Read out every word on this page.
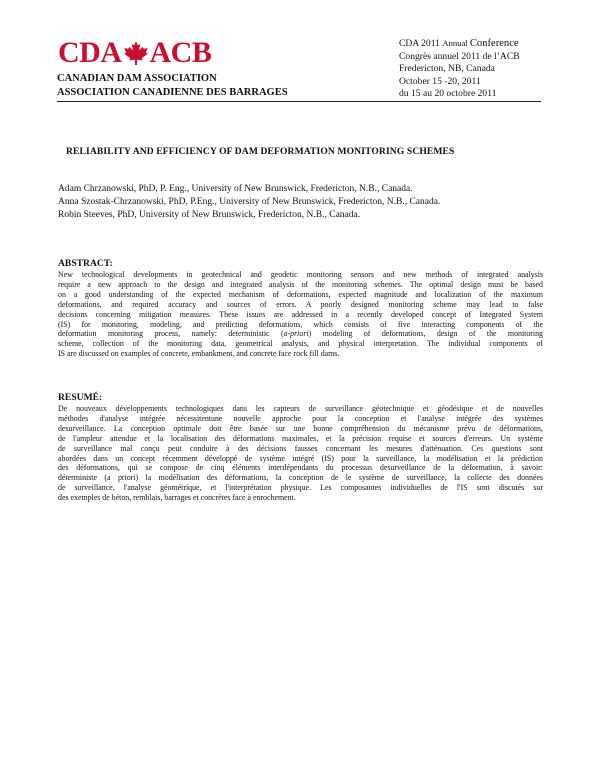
CDA ACB
CANADIAN DAM ASSOCIATION
ASSOCIATION CANADIENNE DES BARRAGES
CDA 2011 Annual Conference
Congrès annuel 2011 de l’ACB
Fredericton, NB, Canada
October 15 -20, 2011
du 15 au 20 octobre 2011
RELIABILITY AND EFFICIENCY OF DAM DEFORMATION MONITORING SCHEMES
Adam Chrzanowski, PhD, P. Eng., University of New Brunswick, Fredericton, N.B., Canada.
Anna Szostak-Chrzanowski, PhD, P.Eng., University of New Brunswick, Fredericton, N.B., Canada.
Robin Steeves, PhD, University of New Brunswick, Fredericton, N.B., Canada.
ABSTRACT:
New technological developments in geotechnical and geodetic monitoring sensors and new methods of integrated analysis
require a new approach to the design and integrated analysis of the monitoring schemes. The optimal design must be based
on a good understanding of the expected mechanism of deformations, expected magnitude and localization of the maximum
deformations, and required accuracy and sources of errors. A poorly designed monitoring scheme may lead to false
decisions concerning mitigation measures. These issues are addressed in a recently developed concept of Integrated System
(IS) for monitoring, modeling, and predicting deformations, which consists of five interacting components of the
deformation monitoring process, namely: deterministic (a-priori) modeling of deformations, design of the monitoring
scheme, collection of the monitoring data, geometrical analysis, and physical interpretation. The individual components of
IS are discussed on examples of concrete, embankment, and concrete face rock fill dams.
RESUMÉ:
De nouveaux développements technologiques dans les capteurs de surveillance géotechnique et géodésique et de nouvelles
méthodes d'analyse intégrée nécessitentune nouvelle approche pour la conception et l'analyse intégrée des systèmes
desurveillance. La conception optimale doit être basée sur une bonne compréhension du mécanisme prévu de déformations,
de l'ampleur attendue et la localisation des déformations maximales, et la précision requise et sources d'erreurs. Un système
de surveillance mal conçu peut conduire à des décisions fausses concernant les mesures d'atténuation. Ces questions sont
abordées dans un concept récemment développé de système intégré (IS) pour la surveillance, la modélisation et la prédiction
des déformations, qui se compose de cinq éléments interdépendants du processus desurveillance de la déformation, à savoir:
déterministe (a priori) la modélisation des déformations, la conception de le système de surveillance, la collecte des données
de surveillance, l'analyse géométrique, et l'interprétation physique. Les composantes individuelles de l'IS sont discutés sur
des exemples de béton, remblais, barrages et concrètes face à enrochement.
